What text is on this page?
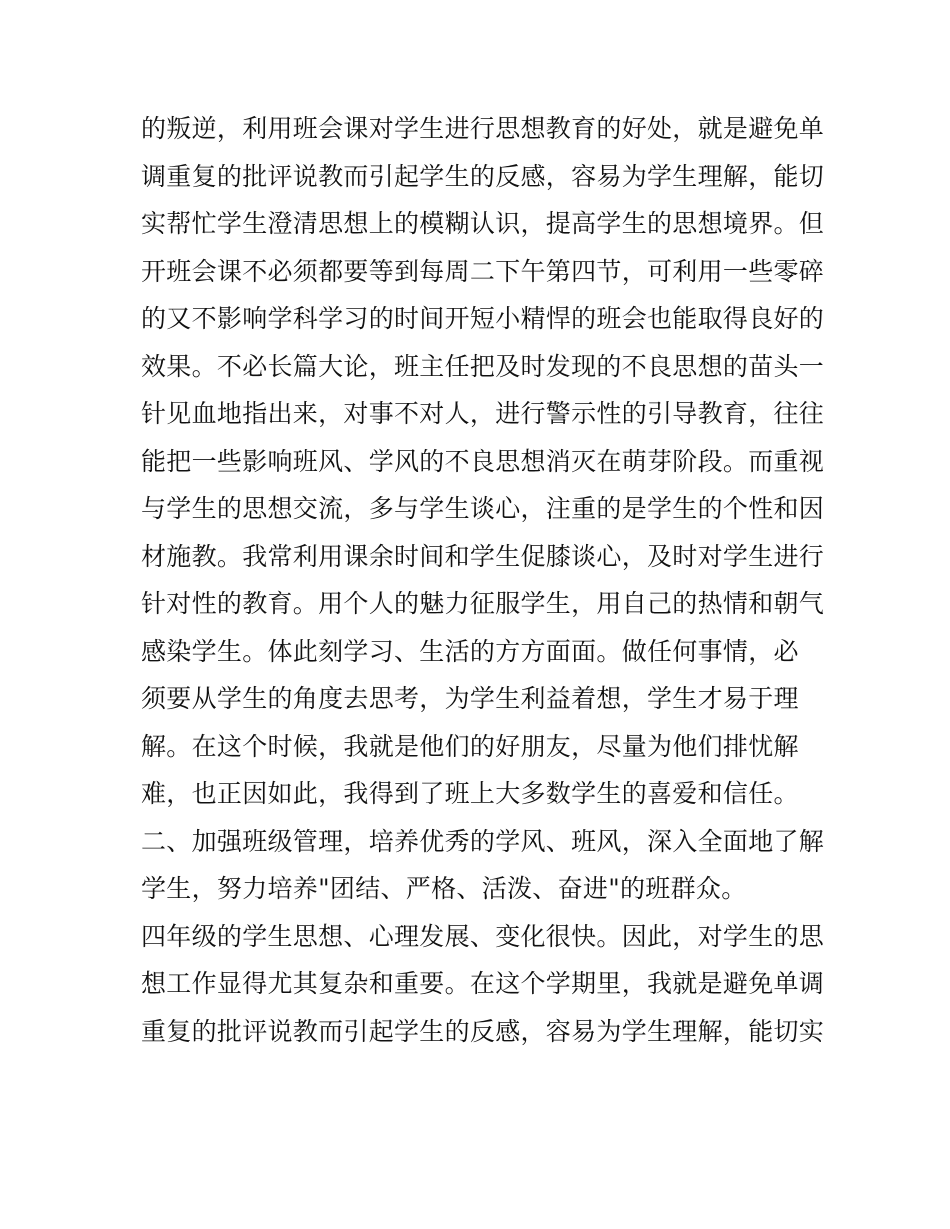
的叛逆，利用班会课对学生进行思想教育的好处，就是避免单
调重复的批评说教而引起学生的反感，容易为学生理解，能切
实帮忙学生澄清思想上的模糊认识，提高学生的思想境界。但
开班会课不必须都要等到每周二下午第四节，可利用一些零碎
的又不影响学科学习的时间开短小精悍的班会也能取得良好的
效果。不必长篇大论，班主任把及时发现的不良思想的苗头一
针见血地指出来，对事不对人，进行警示性的引导教育，往往
能把一些影响班风、学风的不良思想消灭在萌芽阶段。而重视
与学生的思想交流，多与学生谈心，注重的是学生的个性和因
材施教。我常利用课余时间和学生促膝谈心，及时对学生进行
针对性的教育。用个人的魅力征服学生，用自己的热情和朝气
感染学生。体此刻学习、生活的方方面面。做任何事情，必
须要从学生的角度去思考，为学生利益着想，学生才易于理
解。在这个时候，我就是他们的好朋友，尽量为他们排忧解
难，也正因如此，我得到了班上大多数学生的喜爱和信任。
二、加强班级管理，培养优秀的学风、班风，深入全面地了解
学生，努力培养"团结、严格、活泼、奋进"的班群众。
四年级的学生思想、心理发展、变化很快。因此，对学生的思
想工作显得尤其复杂和重要。在这个学期里，我就是避免单调
重复的批评说教而引起学生的反感，容易为学生理解，能切实
